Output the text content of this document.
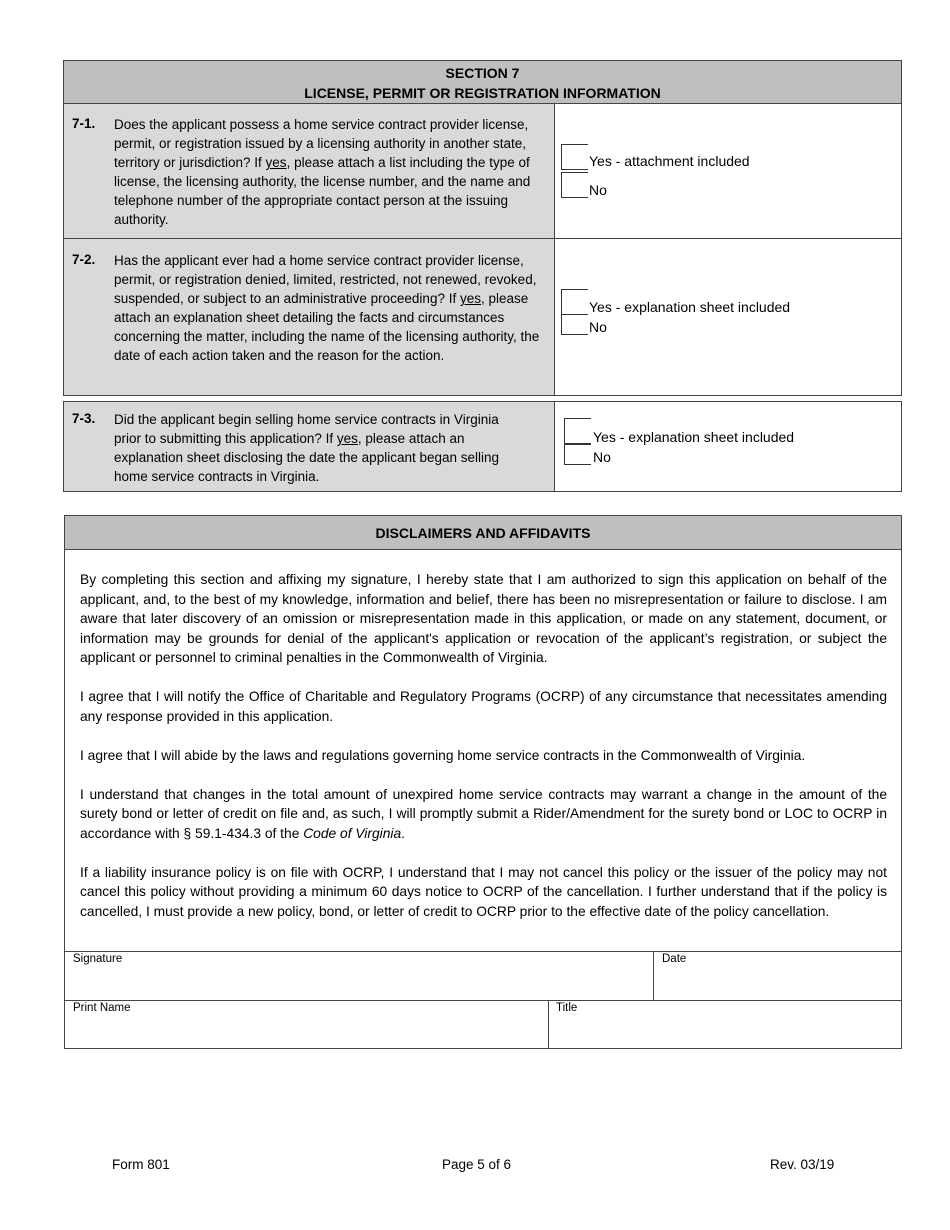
SECTION 7
LICENSE, PERMIT OR REGISTRATION INFORMATION
7-1. Does the applicant possess a home service contract provider license, permit, or registration issued by a licensing authority in another state, territory or jurisdiction? If yes, please attach a list including the type of license, the licensing authority, the license number, and the name and telephone number of the appropriate contact person at the issuing authority.
Yes - attachment included
No
7-2. Has the applicant ever had a home service contract provider license, permit, or registration denied, limited, restricted, not renewed, revoked, suspended, or subject to an administrative proceeding? If yes, please attach an explanation sheet detailing the facts and circumstances concerning the matter, including the name of the licensing authority, the date of each action taken and the reason for the action.
Yes - explanation sheet included
No
7-3. Did the applicant begin selling home service contracts in Virginia prior to submitting this application? If yes, please attach an explanation sheet disclosing the date the applicant began selling home service contracts in Virginia.
Yes - explanation sheet included
No
DISCLAIMERS AND AFFIDAVITS

By completing this section and affixing my signature, I hereby state that I am authorized to sign this application on behalf of the applicant, and, to the best of my knowledge, information and belief, there has been no misrepresentation or failure to disclose. I am aware that later discovery of an omission or misrepresentation made in this application, or made on any statement, document, or information may be grounds for denial of the applicant's application or revocation of the applicant’s registration, or subject the applicant or personnel to criminal penalties in the Commonwealth of Virginia.

I agree that I will notify the Office of Charitable and Regulatory Programs (OCRP) of any circumstance that necessitates amending any response provided in this application.

I agree that I will abide by the laws and regulations governing home service contracts in the Commonwealth of Virginia.

I understand that changes in the total amount of unexpired home service contracts may warrant a change in the amount of the surety bond or letter of credit on file and, as such, I will promptly submit a Rider/Amendment for the surety bond or LOC to OCRP in accordance with § 59.1-434.3 of the Code of Virginia.

If a liability insurance policy is on file with OCRP, I understand that I may not cancel this policy or the issuer of the policy may not cancel this policy without providing a minimum 60 days notice to OCRP of the cancellation. I further understand that if the policy is cancelled, I must provide a new policy, bond, or letter of credit to OCRP prior to the effective date of the policy cancellation.

Signature	Date
Print Name	Title
Form 801	Page 5 of 6	Rev. 03/19
